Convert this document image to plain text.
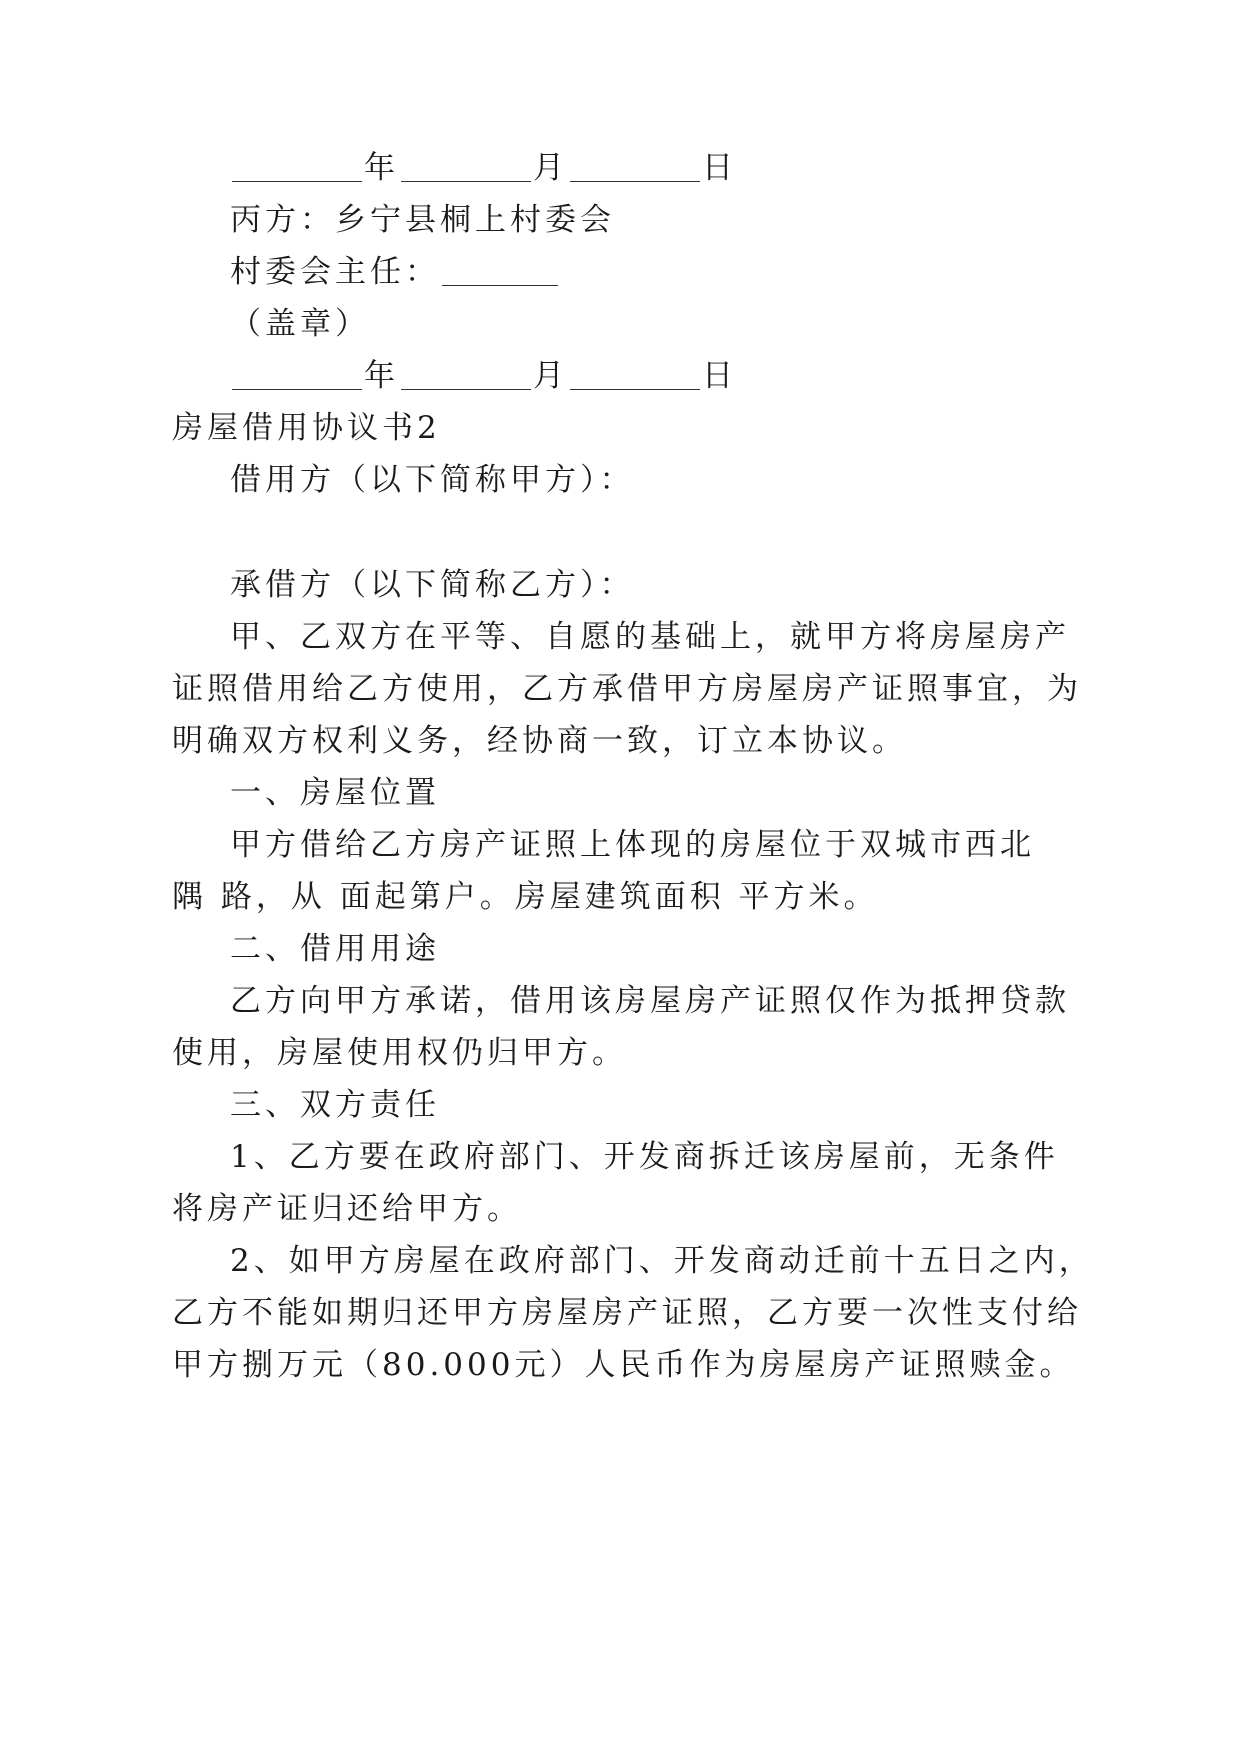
年	月	日
丙方：乡宁县桐上村委会
村委会主任：
（盖章）
年	月	日
房屋借用协议书2
借用方（以下简称甲方）：
承借方（以下简称乙方）：
甲、乙双方在平等、自愿的基础上，就甲方将房屋房产
证照借用给乙方使用，乙方承借甲方房屋房产证照事宜，为
明确双方权利义务，经协商一致，订立本协议。
一、房屋位置
甲方借给乙方房产证照上体现的房屋位于双城市西北
隅 路，从 面起第户。房屋建筑面积 平方米。
二、借用用途
乙方向甲方承诺，借用该房屋房产证照仅作为抵押贷款
使用，房屋使用权仍归甲方。
三、双方责任
1、乙方要在政府部门、开发商拆迁该房屋前，无条件
将房产证归还给甲方。
2、如甲方房屋在政府部门、开发商动迁前十五日之内，
乙方不能如期归还甲方房屋房产证照，乙方要一次性支付给
甲方捌万元（80.000元）人民币作为房屋房产证照赎金。
